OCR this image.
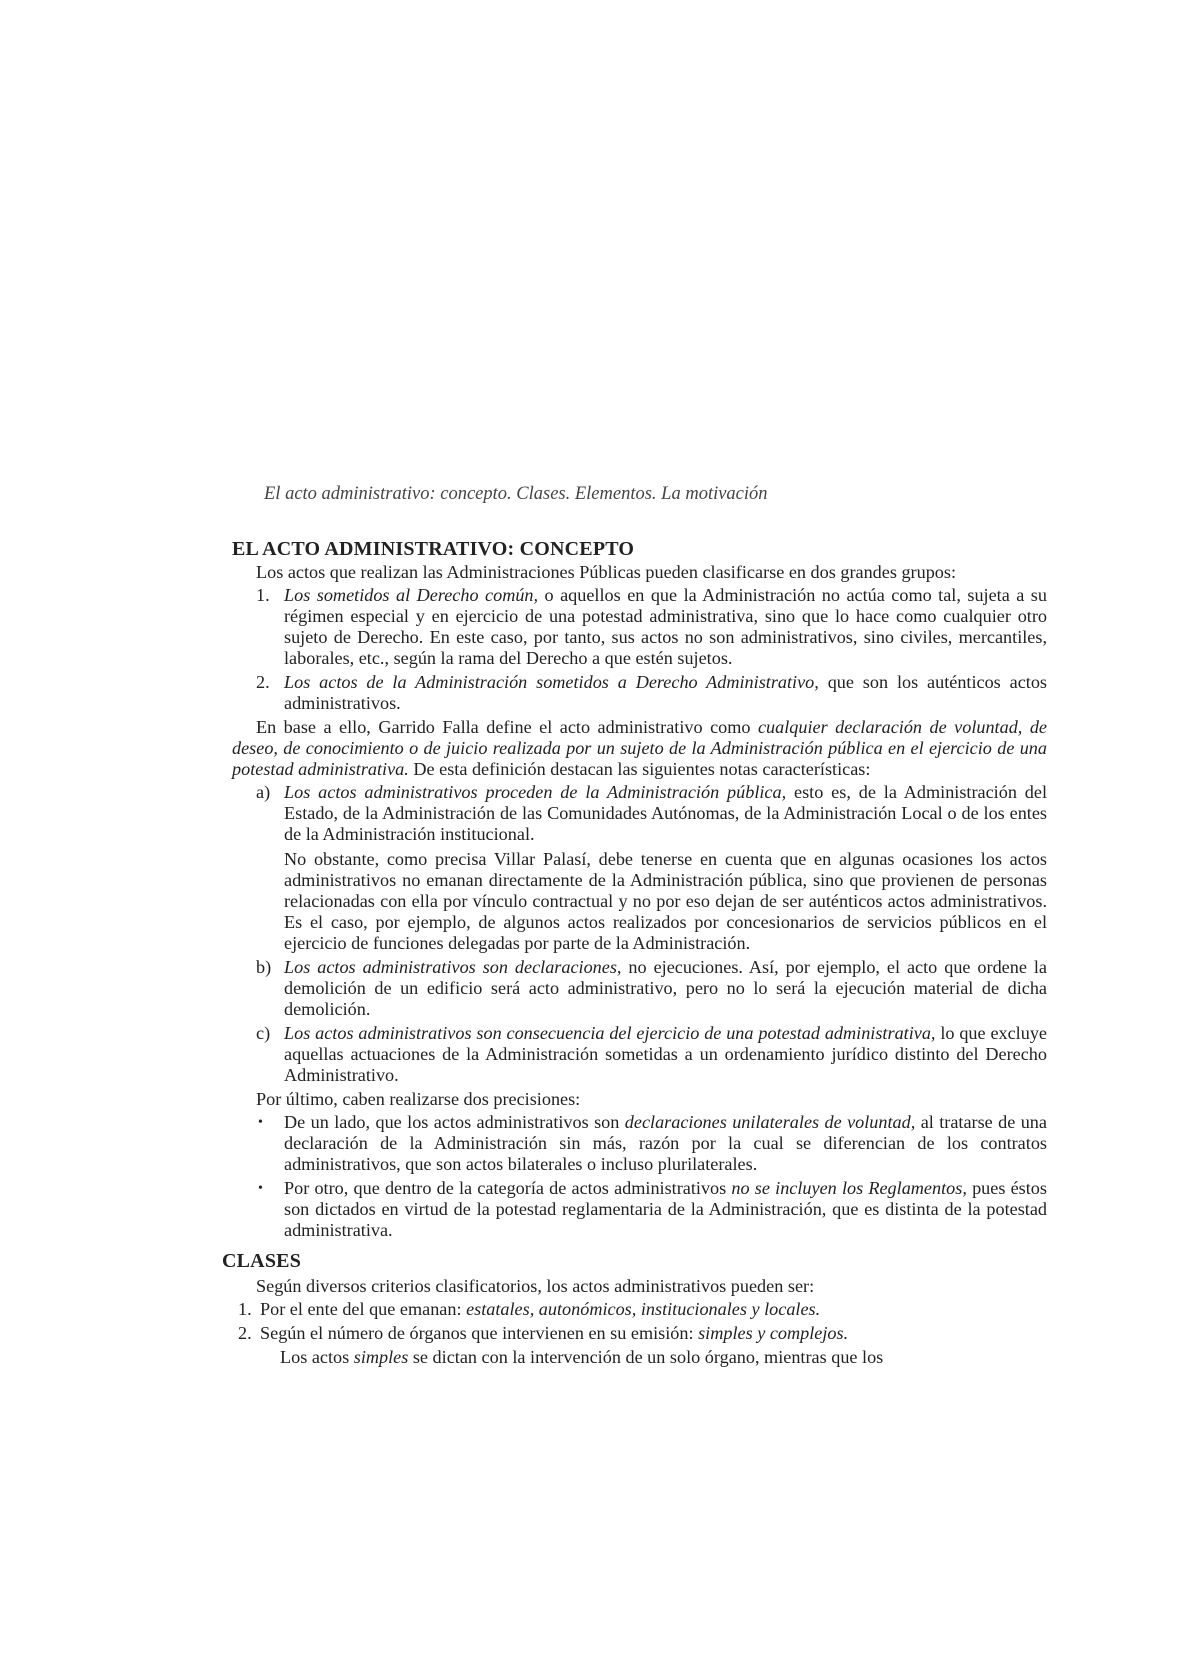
El acto administrativo: concepto. Clases. Elementos. La motivación
EL ACTO ADMINISTRATIVO: CONCEPTO

Los actos que realizan las Administraciones Públicas pueden clasificarse en dos grandes grupos:

1. Los sometidos al Derecho común, o aquellos en que la Administración no actúa como tal, sujeta a su régimen especial y en ejercicio de una potestad administrativa, sino que lo hace como cualquier otro sujeto de Derecho. En este caso, por tanto, sus actos no son administrativos, sino civiles, mercantiles, laborales, etc., según la rama del Derecho a que estén sujetos.
2. Los actos de la Administración sometidos a Derecho Administrativo, que son los auténticos actos administrativos.

En base a ello, Garrido Falla define el acto administrativo como cualquier declaración de voluntad, de deseo, de conocimiento o de juicio realizada por un sujeto de la Administración pública en el ejercicio de una potestad administrativa. De esta definición destacan las siguientes notas características:

a) Los actos administrativos proceden de la Administración pública, esto es, de la Administración del Estado, de la Administración de las Comunidades Autónomas, de la Administración Local o de los entes de la Administración institucional.

No obstante, como precisa Villar Palasí, debe tenerse en cuenta que en algunas ocasiones los actos administrativos no emanan directamente de la Administración pública, sino que provienen de personas relacionadas con ella por vínculo contractual y no por eso dejan de ser auténticos actos administrativos. Es el caso, por ejemplo, de algunos actos realizados por concesionarios de servicios públicos en el ejercicio de funciones delegadas por parte de la Administración.

b) Los actos administrativos son declaraciones, no ejecuciones. Así, por ejemplo, el acto que ordene la demolición de un edificio será acto administrativo, pero no lo será la ejecución material de dicha demolición.
c) Los actos administrativos son consecuencia del ejercicio de una potestad administrativa, lo que excluye aquellas actuaciones de la Administración sometidas a un ordenamiento jurídico distinto del Derecho Administrativo.

Por último, caben realizarse dos precisiones:

• De un lado, que los actos administrativos son declaraciones unilaterales de voluntad, al tratarse de una declaración de la Administración sin más, razón por la cual se diferencian de los contratos administrativos, que son actos bilaterales o incluso plurilaterales.
• Por otro, que dentro de la categoría de actos administrativos no se incluyen los Reglamentos, pues éstos son dictados en virtud de la potestad reglamentaria de la Administración, que es distinta de la potestad administrativa.
CLASES

Según diversos criterios clasificatorios, los actos administrativos pueden ser:

1. Por el ente del que emanan: estatales, autonómicos, institucionales y locales.
2. Según el número de órganos que intervienen en su emisión: simples y complejos.

Los actos simples se dictan con la intervención de un solo órgano, mientras que los
